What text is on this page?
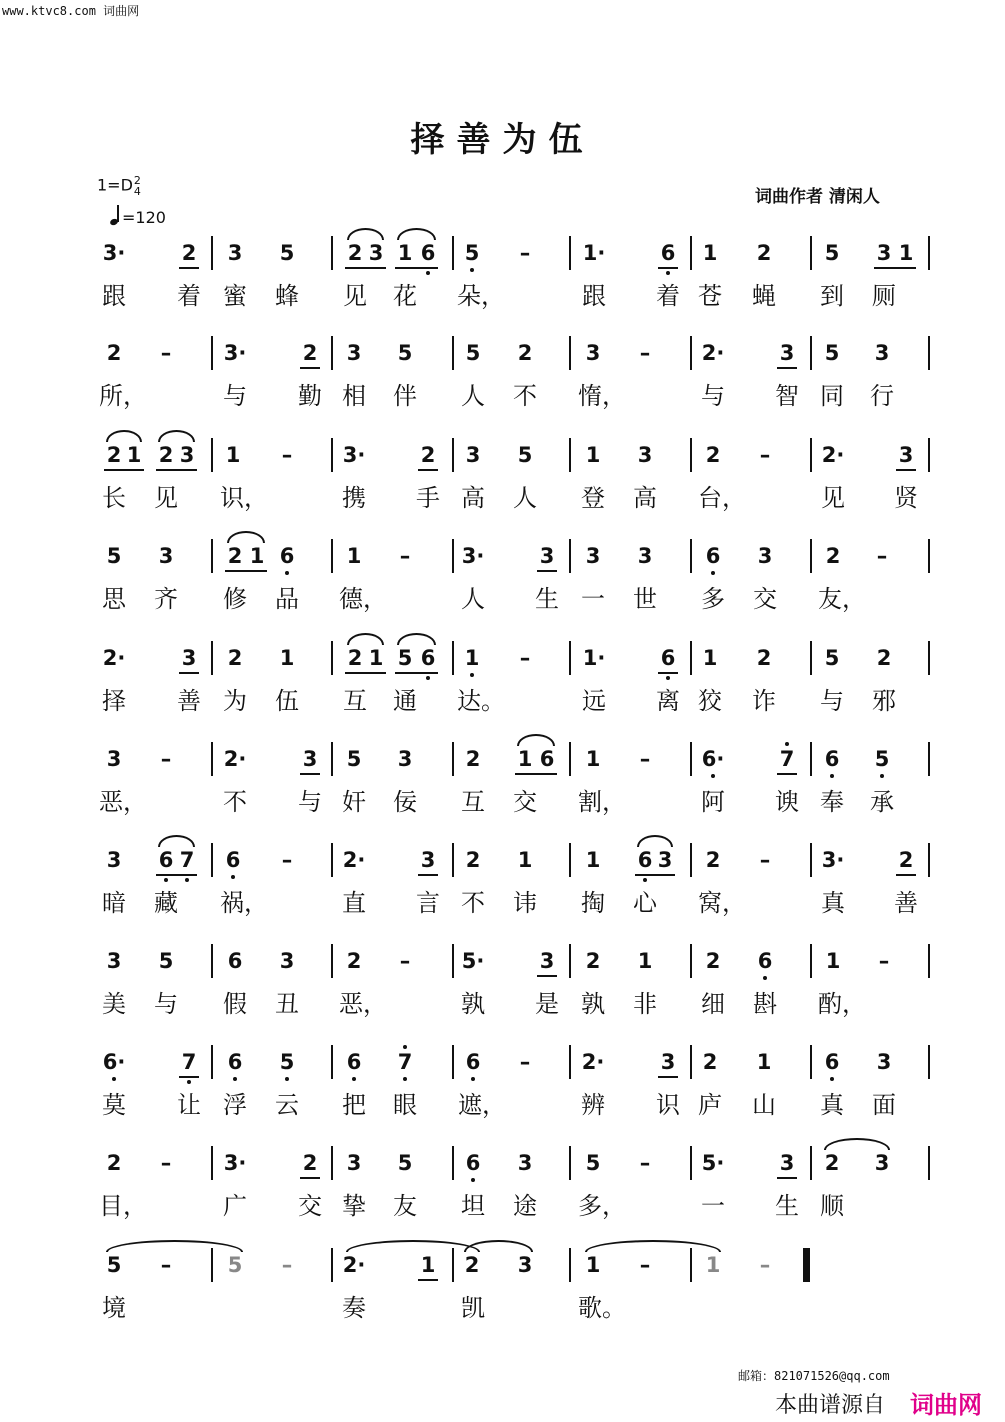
www.ktvc8.com 词曲网
择善为伍
1=D 2
4
=120
词曲作者 清闲人
邮箱：821071526@qq.com
本曲谱源自 词曲网
3·	2 3 5	2 3 1 6 5	–	1·	6 1 2	5 3 1
跟 着 蜜 蜂 见 花 朵，	跟 着 苍 蝇 到 厕
2	–	3·	2 3 5	5 2	3	–	2·	3 5 3
所，	与 勤 相 伴 人 不 惰，	与 智 同 行
2 1 2 3 1	–	3·	2 3 5	1 3	2	–	2·	3
长 见 识，	携 手 高 人 登 高 台，	见 贤
5 3	2 1 6 1	–	3·	3 3 3	6 3	2	–
思 齐 修 品 德，	人 生 一 世 多 交 友，
2·	3 2 1	2 1 5 6 1	–	1·	6 1 2	5 2
择 善 为 伍 互 通 达。	远 离 狡 诈 与 邪
3	–	2·	3 5 3	2 1 6 1	–	6·	7 6 5
恶，	不 与 奸 佞 互 交 割，	阿 谀 奉 承
3 6 7 6	–	2·	3 2 1	1 6 3 2	–	3·	2
暗 藏 祸，	直 言 不 讳 掏 心 窝，	真 善
3 5	6 3 2	–	5·	3 2 1	2 6	1	–
美 与 假 丑 恶，	孰 是 孰 非 细 斟 酌，
6·	7 6 5 6 7	6	–	2·	3 2 1	6 3
莫 让 浮 云 把 眼 遮，	辨 识 庐 山 真 面
2	–	3·	2 3 5	6 3	5	–	5·	3 2 3
目，	广 交 挚 友 坦 途 多，	一 生 顺
5	–	5	–	2·	1 2 3	1	–	1	–
境	奏	凯	歌。
